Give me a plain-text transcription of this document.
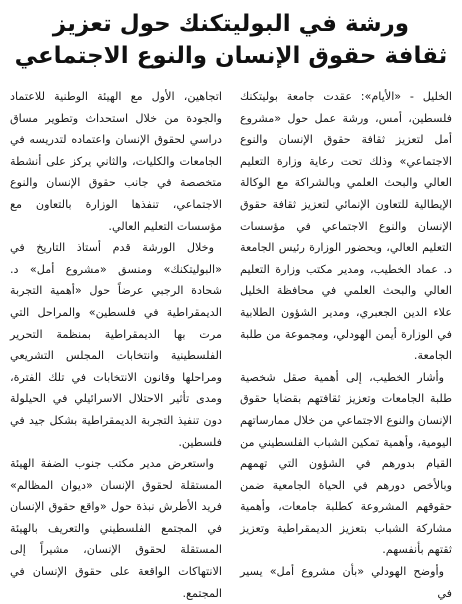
ورشة في البوليتكنك حول تعزيز
ثقافة حقوق الإنسان والنوع الاجتماعي

الخليل - «الأيام»: عقدت جامعة بوليتكنك فلسطين، أمس، ورشة عمل حول «مشروع أمل لتعزيز ثقافة حقوق الإنسان والنوع الاجتماعي» وذلك تحت رعاية وزارة التعليم العالي والبحث العلمي وبالشراكة مع الوكالة الإيطالية للتعاون الإنمائي لتعزيز ثقافة حقوق الإنسان والنوع الاجتماعي في مؤسسات التعليم العالي، وبحضور الوزارة رئيس الجامعة د. عماد الخطيب، ومدير مكتب وزارة التعليم العالي والبحث العلمي في محافظة الخليل علاء الدين الجعبري، ومدير الشؤون الطلابية في الوزارة أيمن الهودلي، ومجموعة من طلبة الجامعة.

وأشار الخطيب، إلى أهمية صقل شخصية طلبة الجامعات وتعزيز ثقافتهم بقضايا حقوق الإنسان والنوع الاجتماعي من خلال ممارساتهم اليومية، وأهمية تمكين الشباب الفلسطيني من القيام بدورهم في الشؤون التي تهمهم وبالأخص دورهم في الحياة الجامعية ضمن حقوقهم المشروعة كطلبة جامعات، وأهمية مشاركة الشباب بتعزيز الديمقراطية وتعزيز ثقتهم بأنفسهم.

وأوضح الهودلي «بأن مشروع أمل» يسير في

اتجاهين، الأول مع الهيئة الوطنية للاعتماد والجودة من خلال استحداث وتطوير مساق دراسي لحقوق الإنسان واعتماده لتدريسه في الجامعات والكليات، والثاني يركز على أنشطة متخصصة في جانب حقوق الإنسان والنوع الاجتماعي، تنفذها الوزارة بالتعاون مع مؤسسات التعليم العالي.

وخلال الورشة قدم أستاذ التاريخ في «البوليتكنك» ومنسق «مشروع أمل» د. شحادة الرجبي عرضاً حول «أهمية التجربة الديمقراطية في فلسطين» والمراحل التي مرت بها الديمقراطية بمنظمة التحرير الفلسطينية وانتخابات المجلس التشريعي ومراحلها وقانون الانتخابات في تلك الفترة، ومدى تأثير الاحتلال الاسرائيلي في الحيلولة دون تنفيذ التجربة الديمقراطية بشكل جيد في فلسطين.

واستعرض مدير مكتب جنوب الضفة الهيئة المستقلة لحقوق الإنسان «ديوان المظالم» فريد الأطرش نبذة حول «واقع حقوق الإنسان في المجتمع الفلسطيني والتعريف بالهيئة المستقلة لحقوق الإنسان، مشيراً إلى الانتهاكات الواقعة على حقوق الإنسان في المجتمع.
